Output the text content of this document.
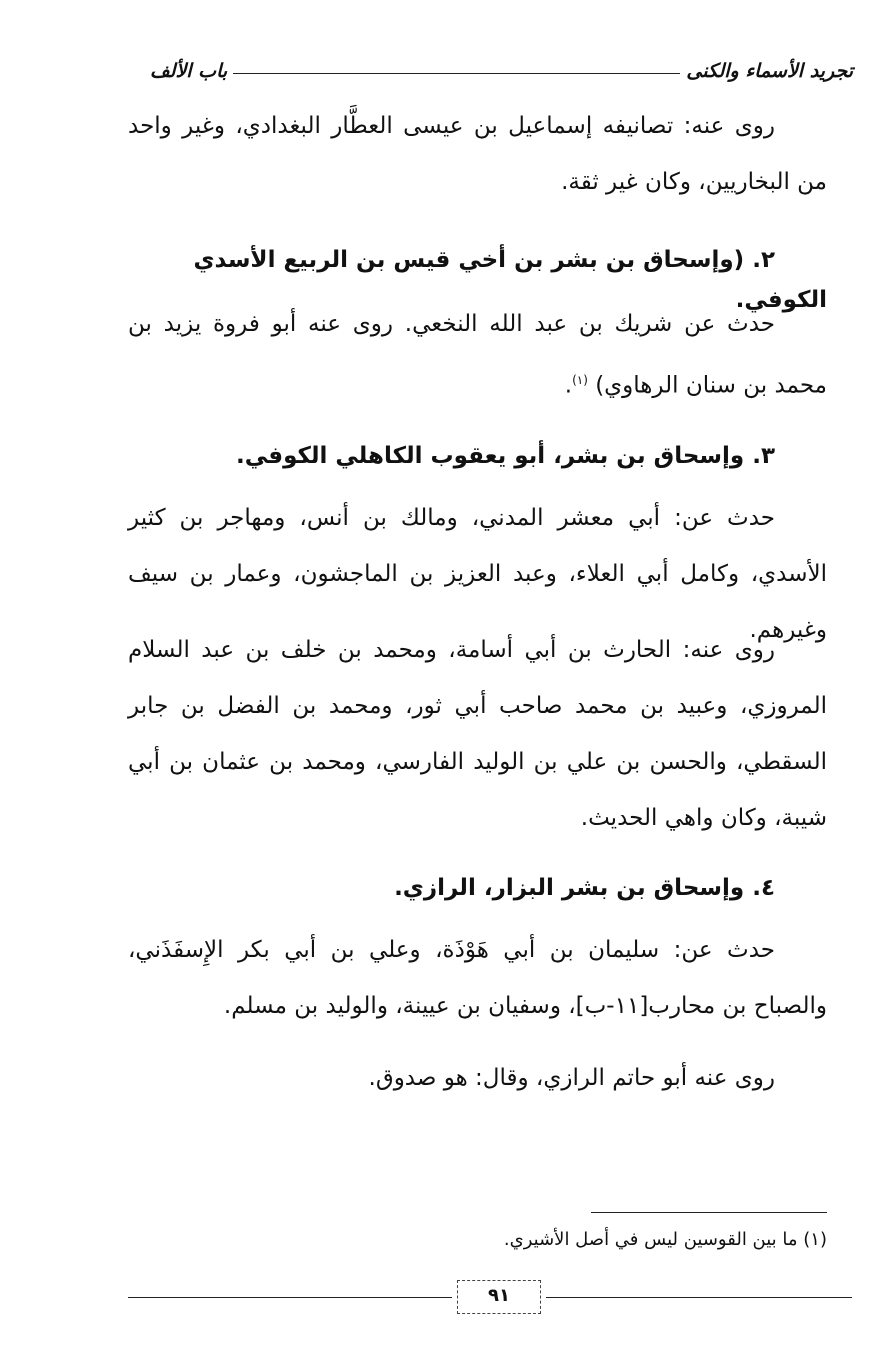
تجريد الأسماء والكنى
باب الألف

روى عنه: تصانيفه إسماعيل بن عيسى العطَّار البغدادي، وغير واحد من البخاريين، وكان غير ثقة.

٢. (وإسحاق بن بشر بن أخي قيس بن الربيع الأسدي الكوفي.

حدث عن شريك بن عبد الله النخعي. روى عنه أبو فروة يزيد بن محمد بن سنان الرهاوي) $^{(١)}$.

٣. وإسحاق بن بشر، أبو يعقوب الكاهلي الكوفي.

حدث عن: أبي معشر المدني، ومالك بن أنس، ومهاجر بن كثير الأسدي، وكامل أبي العلاء، وعبد العزيز بن الماجشون، وعمار بن سيف وغيرهم.

روى عنه: الحارث بن أبي أسامة، ومحمد بن خلف بن عبد السلام المروزي، وعبيد بن محمد صاحب أبي ثور، ومحمد بن الفضل بن جابر السقطي، والحسن بن علي بن الوليد الفارسي، ومحمد بن عثمان بن أبي شيبة، وكان واهي الحديث.

٤. وإسحاق بن بشر البزار، الرازي.

حدث عن: سليمان بن أبي هَوْذَة، وعلي بن أبي بكر الإِسفَذَني، والصباح بن محارب[١١-ب]، وسفيان بن عيينة، والوليد بن مسلم.

روى عنه أبو حاتم الرازي، وقال: هو صدوق.

(١) ما بين القوسين ليس في أصل الأشيري.
٩١
